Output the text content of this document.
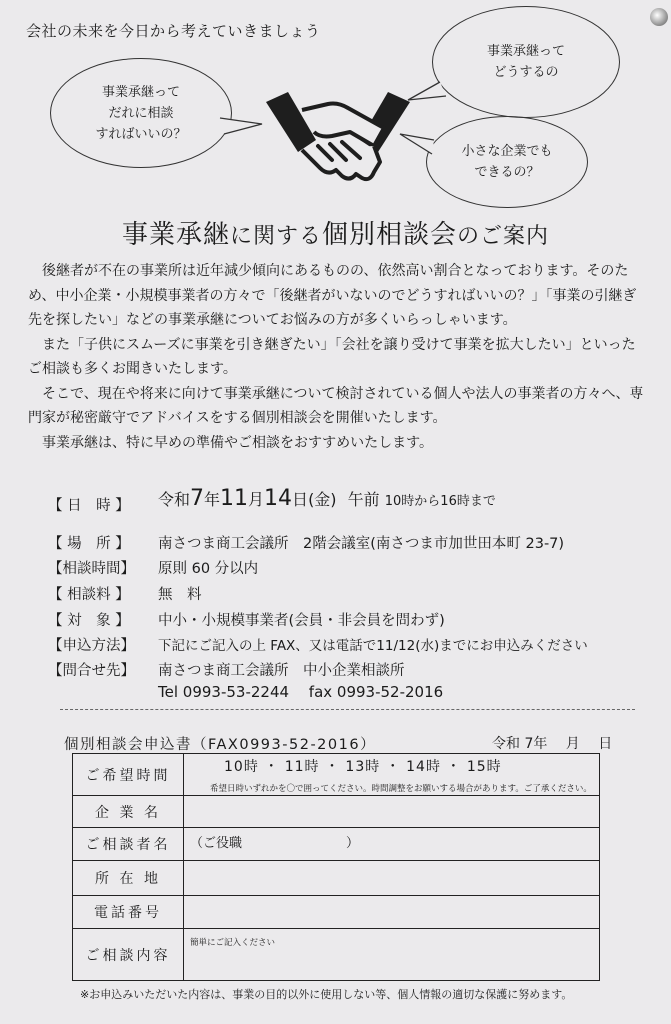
会社の未来を今日から考えていきましょう
事業承継って
だれに相談
すればいいの？
事業承継って
どうするの
小さな企業でも
できるの？
事業承継に関する個別相談会のご案内

後継者が不在の事業所は近年減少傾向にあるものの、依然高い割合となっております。そのため、中小企業・小規模事業者の方々で「後継者がいないのでどうすればいいの？」「事業の引継ぎ先を探したい」などの事業承継についてお悩みの方が多くいらっしゃいます。

また「子供にスムーズに事業を引き継ぎたい」「会社を譲り受けて事業を拡大したい」といったご相談も多くお聞きいたします。

そこで、現在や将来に向けて事業承継について検討されている個人や法人の事業者の方々へ、専門家が秘密厳守でアドバイスをする個別相談会を開催いたします。

事業承継は、特に早めの準備やご相談をおすすめいたします。

【 日　時 】 令和7年11月14日(金) 午前 10時から16時まで
【 場　所 】 南さつま商工会議所　2階会議室(南さつま市加世田本町 23-7)
【相談時間】 原則 60 分以内
【 相談料 】 無　料
【 対　象 】 中小・小規模事業者(会員・非会員を問わず)
【申込方法】 下記にご記入の上 FAX、又は電話で11/12(水)までにお申込みください
【問合せ先】 南さつま商工会議所　中小企業相談所
Tel 0993-53-2244　 fax 0993-52-2016
個別相談会申込書（FAX0993-52-2016）	令和 7年　 月　 日
ご希望時間	10時 ・ 11時 ・ 13時 ・ 14時 ・ 15時
希望日時いずれかを〇で囲ってください。時間調整をお願いする場合があります。ご了承ください。

企 業 名	
ご相談者名	（ご役職　　　　　　　　）
所 在 地	
電話番号	
ご相談内容	簡単にご記入ください
※お申込みいただいた内容は、事業の目的以外に使用しない等、個人情報の適切な保護に努めます。
